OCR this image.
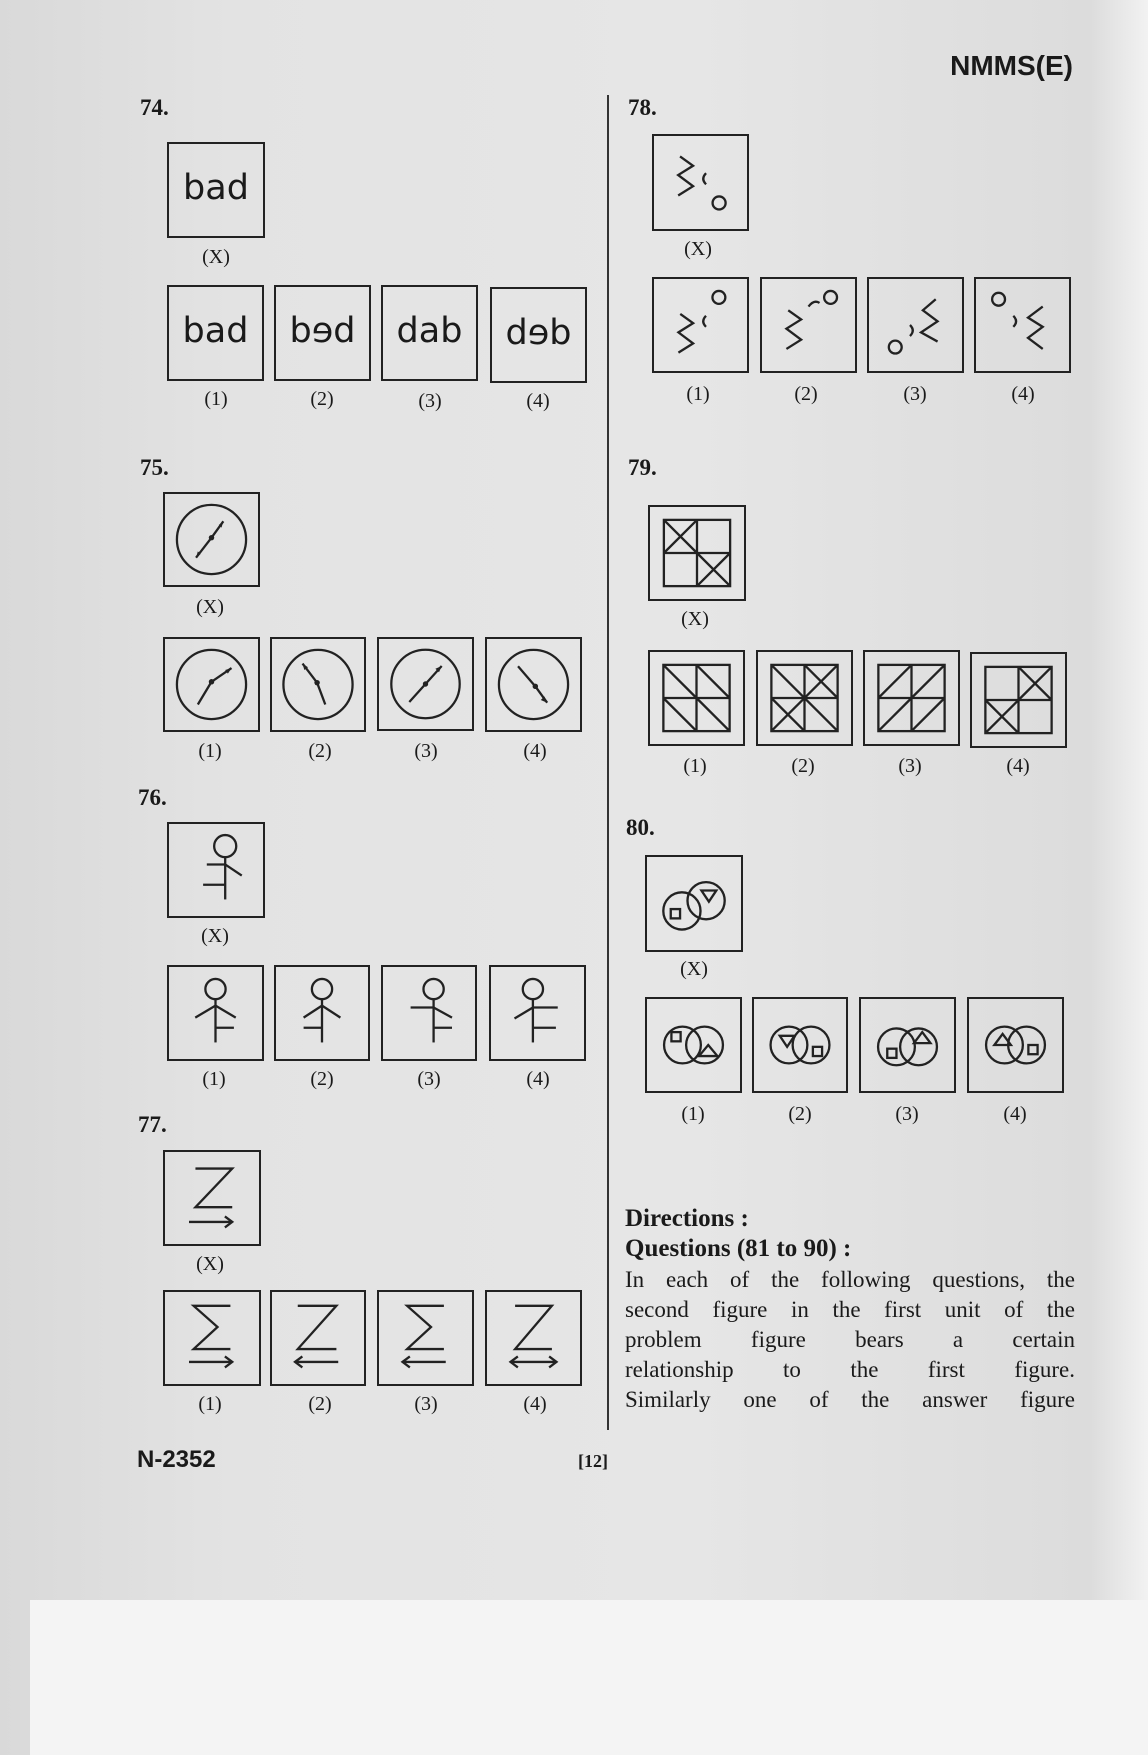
NMMS(E)
74.
bad
(X)
bad	bɘd	dab	dɘb
(1)	(2)	(3)	(4)
75.
(X)
(1)	(2)	(3)	(4)
76.
(X)
(1)	(2)	(3)	(4)
77.
(X)
(1)	(2)	(3)	(4)
78.
(X)
(1)	(2)	(3)	(4)
79.
(X)
(1)	(2)	(3)	(4)
80.
(X)
(1)	(2)	(3)	(4)
Directions :
Questions (81 to 90) :
In each of the following questions, the
second figure in the first unit of the
problem figure bears a certain
relationship to the first figure.
Similarly one of the answer figure
N-2352	[12]
